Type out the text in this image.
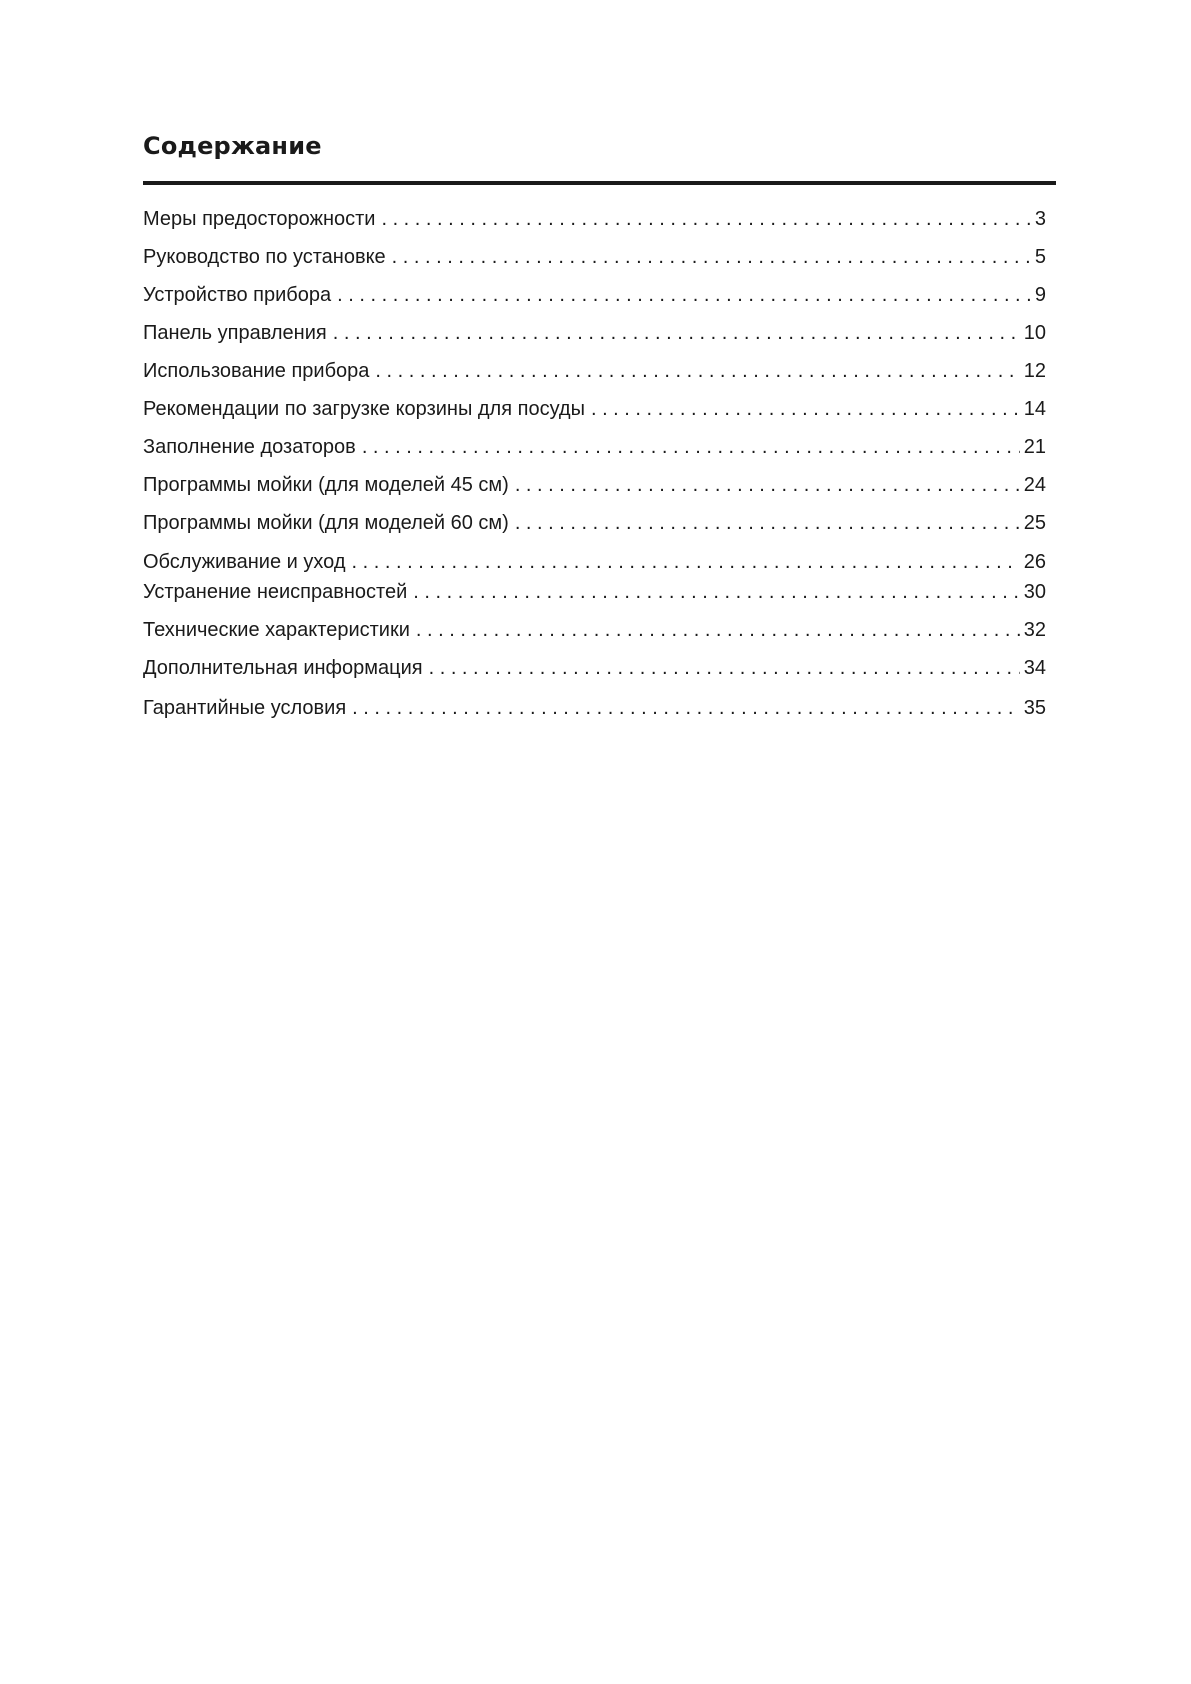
Содержание
Меры предосторожности . . .	3
Руководство по установке . . .	5
Устройство прибора . . .	9
Панель управления . . .	10
Использование прибора . . .	12
Рекомендации по загрузке корзины для посуды . . .	14
Заполнение дозаторов . . .	21
Программы мойки (для моделей 45 см) . . .	24
Программы мойки (для моделей 60 см) . . .	25
Обслуживание и уход . . .	26
Устранение неисправностей . . .	30
Технические характеристики . . .	32
Дополнительная информация . . .	34
Гарантийные условия . . .	35
